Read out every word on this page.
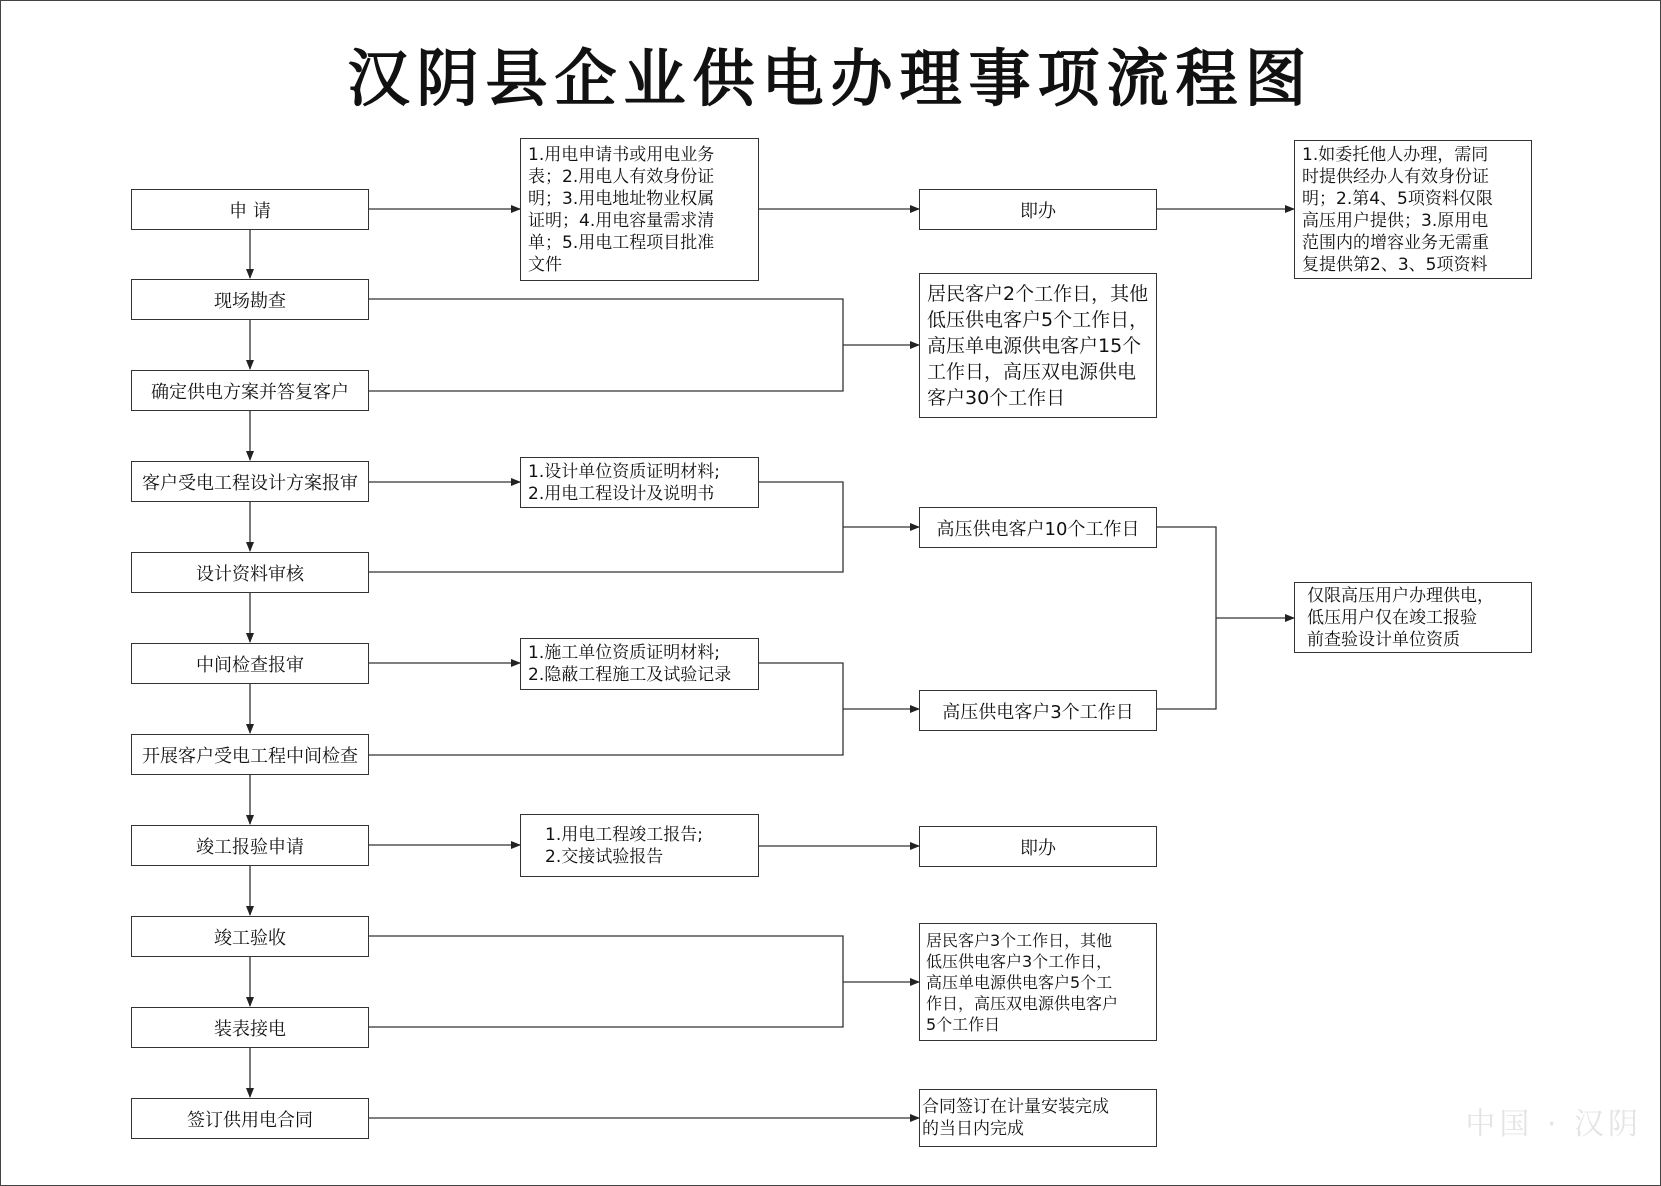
汉阴县企业供电办理事项流程图
申 请
现场勘查
确定供电方案并答复客户
客户受电工程设计方案报审
设计资料审核
中间检查报审
开展客户受电工程中间检查
竣工报验申请
竣工验收
装表接电
签订供用电合同
1.用电申请书或用电业务
表；2.用电人有效身份证
明；3.用电地址物业权属
证明；4.用电容量需求清
单；5.用电工程项目批准
文件
1.设计单位资质证明材料;
2.用电工程设计及说明书
1.施工单位资质证明材料;
2.隐蔽工程施工及试验记录
1.用电工程竣工报告;
2.交接试验报告
即办
居民客户2个工作日，其他
低压供电客户5个工作日，
高压单电源供电客户15个
工作日，高压双电源供电
客户30个工作日
高压供电客户10个工作日
高压供电客户3个工作日
即办
居民客户3个工作日，其他
低压供电客户3个工作日，
高压单电源供电客户5个工
作日，高压双电源供电客户
5个工作日
合同签订在计量安装完成
的当日内完成
1.如委托他人办理，需同
时提供经办人有效身份证
明；2.第4、5项资料仅限
高压用户提供；3.原用电
范围内的增容业务无需重
复提供第2、3、5项资料
仅限高压用户办理供电，
低压用户仅在竣工报验
前查验设计单位资质
中国 · 汉阴
